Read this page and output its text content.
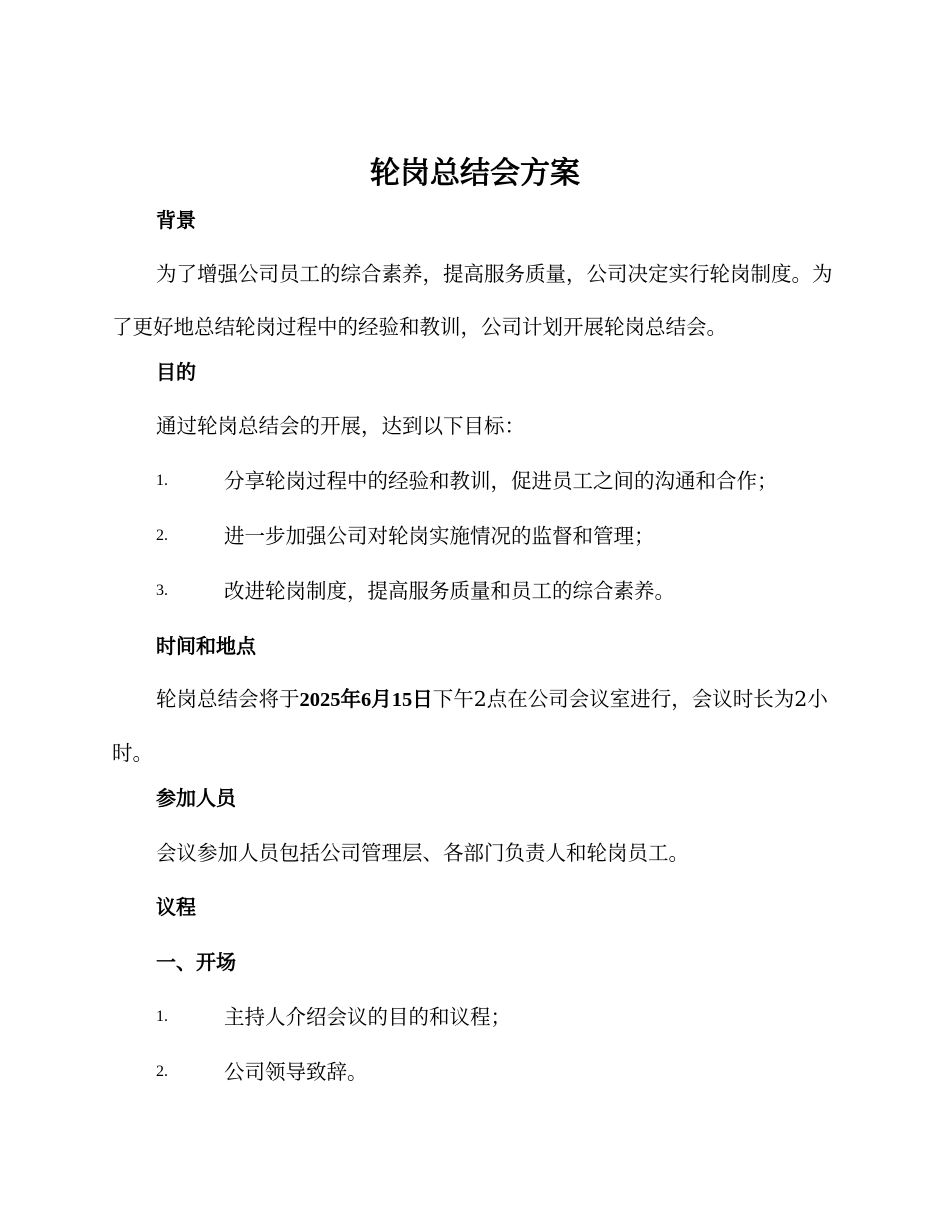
轮岗总结会方案
背景

为了增强公司员工的综合素养，提高服务质量，公司决定实行轮岗制度。为了更好地总结轮岗过程中的经验和教训，公司计划开展轮岗总结会。

目的

通过轮岗总结会的开展，达到以下目标：

1.	分享轮岗过程中的经验和教训，促进员工之间的沟通和合作；
2.	进一步加强公司对轮岗实施情况的监督和管理；
3.	改进轮岗制度，提高服务质量和员工的综合素养。
时间和地点

轮岗总结会将于2025年6月15日下午2点在公司会议室进行，会议时长为2小时。

参加人员

会议参加人员包括公司管理层、各部门负责人和轮岗员工。

议程
一、开场
1.	主持人介绍会议的目的和议程；
2.	公司领导致辞。
